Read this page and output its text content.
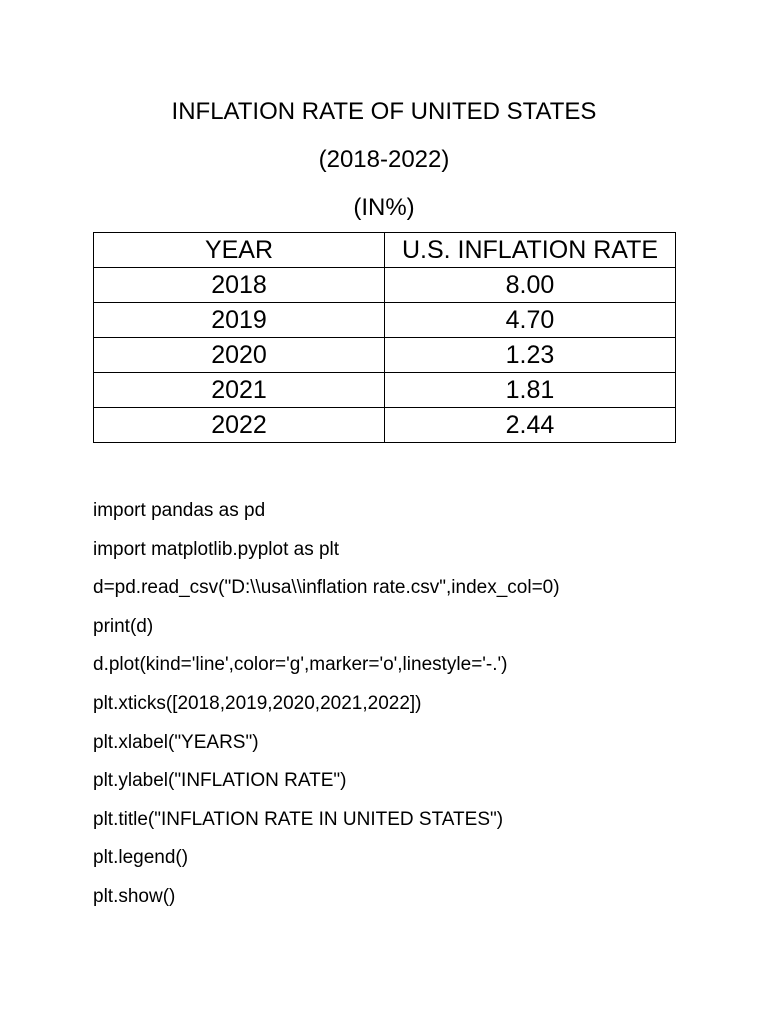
INFLATION RATE OF UNITED STATES
(2018-2022)
(IN%)
YEAR	U.S. INFLATION RATE
2018	8.00
2019	4.70
2020	1.23
2021	1.81
2022	2.44
import pandas as pd
import matplotlib.pyplot as plt
d=pd.read_csv("D:\\usa\\inflation rate.csv",index_col=0)
print(d)
d.plot(kind='line',color='g',marker='o',linestyle='-.')
plt.xticks([2018,2019,2020,2021,2022])
plt.xlabel("YEARS")
plt.ylabel("INFLATION RATE")
plt.title("INFLATION RATE IN UNITED STATES")
plt.legend()
plt.show()
